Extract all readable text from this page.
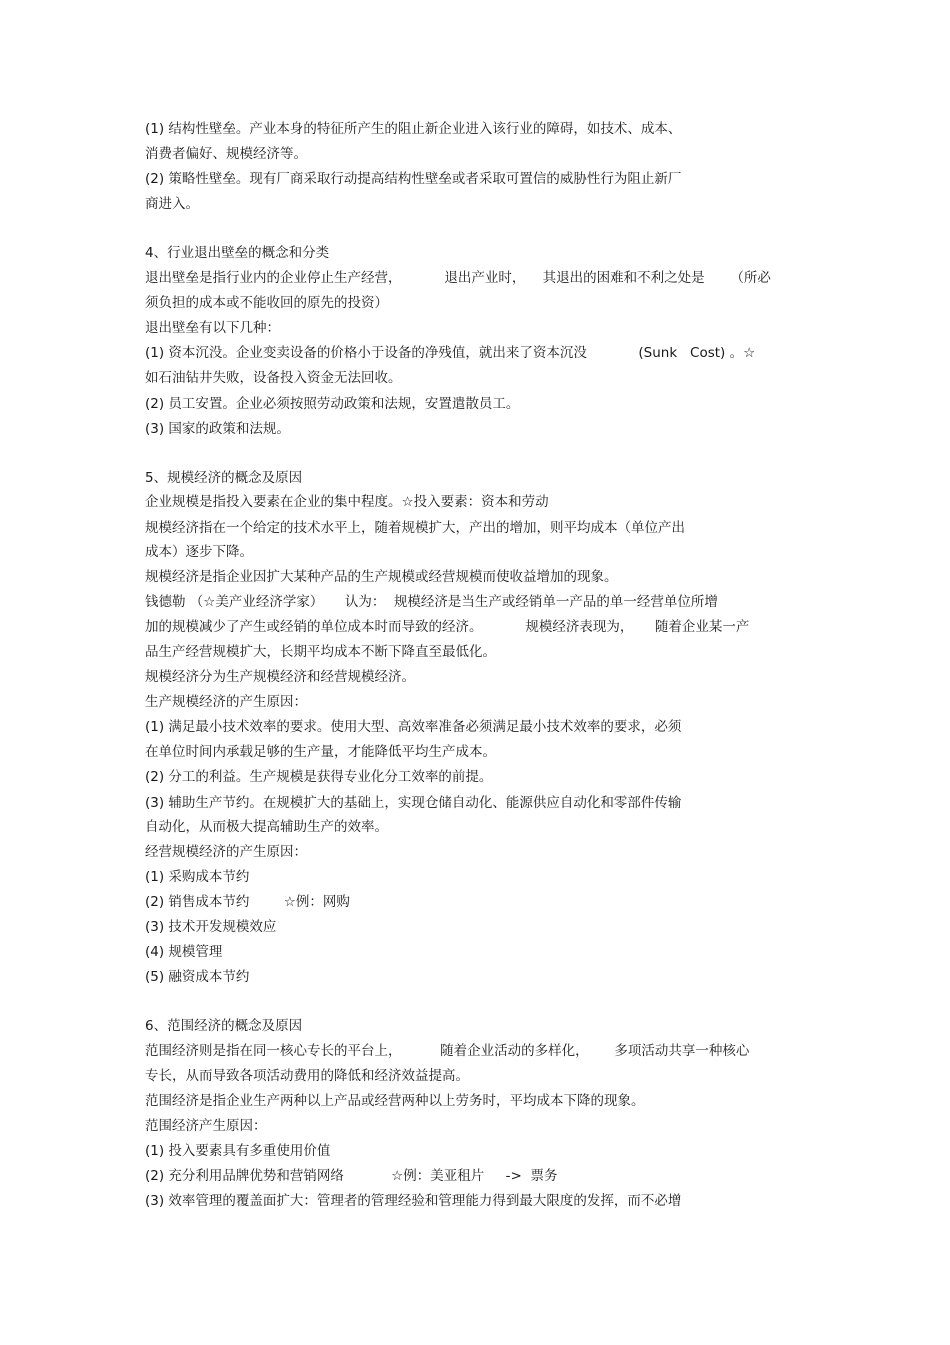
(1) 结构性壁垒。产业本身的特征所产生的阻止新企业进入该行业的障碍，如技术、成本、

消费者偏好、规模经济等。

(2) 策略性壁垒。现有厂商采取行动提高结构性壁垒或者采取可置信的威胁性行为阻止新厂

商进入。

4、行业退出壁垒的概念和分类

退出壁垒是指行业内的企业停止生产经营，          退出产业时，    其退出的困难和不利之处是      （所必

须负担的成本或不能收回的原先的投资）

退出壁垒有以下几种：

(1) 资本沉没。企业变卖设备的价格小于设备的净残值，就出来了资本沉没            (Sunk   Cost) 。☆

如石油钻井失败，设备投入资金无法回收。

(2) 员工安置。企业必须按照劳动政策和法规，安置遣散员工。

(3) 国家的政策和法规。

5、规模经济的概念及原因

企业规模是指投入要素在企业的集中程度。☆投入要素：资本和劳动

规模经济指在一个给定的技术水平上，随着规模扩大，产出的增加，则平均成本（单位产出

成本）逐步下降。

规模经济是指企业因扩大某种产品的生产规模或经营规模而使收益增加的现象。

钱德勒 （☆美产业经济学家）     认为：  规模经济是当生产或经销单一产品的单一经营单位所增

加的规模减少了产生或经销的单位成本时而导致的经济。          规模经济表现为，     随着企业某一产

品生产经营规模扩大，长期平均成本不断下降直至最低化。

规模经济分为生产规模经济和经营规模经济。

生产规模经济的产生原因：

(1) 满足最小技术效率的要求。使用大型、高效率准备必须满足最小技术效率的要求，必须

在单位时间内承载足够的生产量，才能降低平均生产成本。

(2) 分工的利益。生产规模是获得专业化分工效率的前提。

(3) 辅助生产节约。在规模扩大的基础上，实现仓储自动化、能源供应自动化和零部件传输

自动化，从而极大提高辅助生产的效率。

经营规模经济的产生原因：

(1) 采购成本节约

(2) 销售成本节约        ☆例：网购

(3) 技术开发规模效应

(4) 规模管理

(5) 融资成本节约

6、范围经济的概念及原因

范围经济则是指在同一核心专长的平台上，         随着企业活动的多样化，      多项活动共享一种核心

专长，从而导致各项活动费用的降低和经济效益提高。

范围经济是指企业生产两种以上产品或经营两种以上劳务时，平均成本下降的现象。

范围经济产生原因：

(1) 投入要素具有多重使用价值

(2) 充分利用品牌优势和营销网络           ☆例：美亚租片     ->  票务

(3) 效率管理的覆盖面扩大：管理者的管理经验和管理能力得到最大限度的发挥，而不必增
